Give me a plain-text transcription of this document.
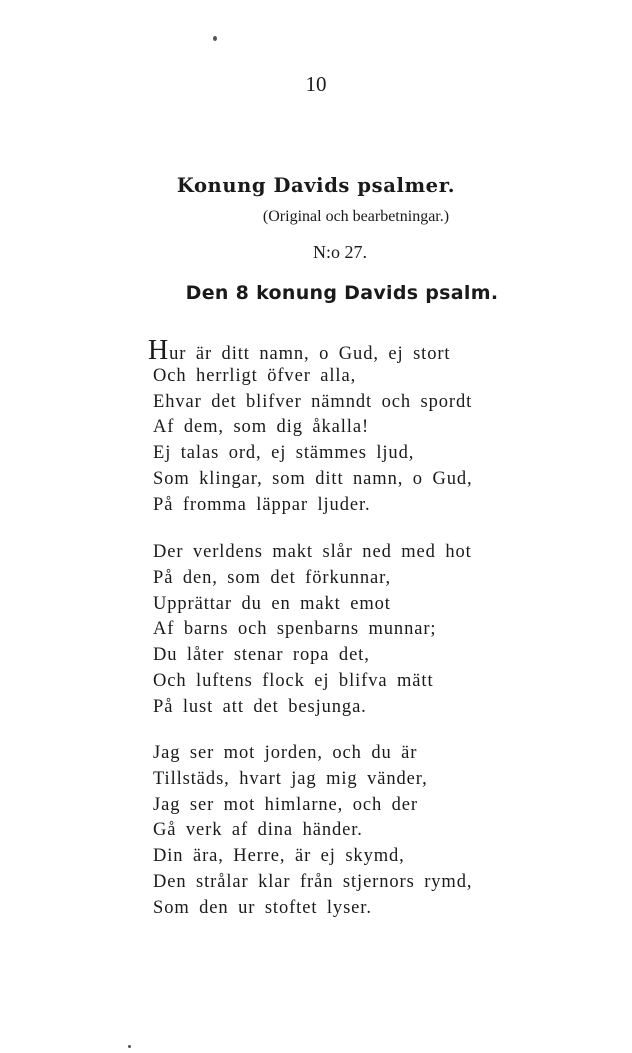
10
Konung Davids psalmer.
(Original och bearbetningar.)
N:o 27.
Den 8 konung Davids psalm.
Hur är ditt namn, o Gud, ej stort
Och herrligt öfver alla,
Ehvar det blifver nämndt och spordt
Af dem, som dig åkalla!
Ej talas ord, ej stämmes ljud,
Som klingar, som ditt namn, o Gud,
På fromma läppar ljuder.
Der verldens makt slår ned med hot
På den, som det förkunnar,
Upprättar du en makt emot
Af barns och spenbarns munnar;
Du låter stenar ropa det,
Och luftens flock ej blifva mätt
På lust att det besjunga.
Jag ser mot jorden, och du är
Tillstäds, hvart jag mig vänder,
Jag ser mot himlarne, och der
Gå verk af dina händer.
Din ära, Herre, är ej skymd,
Den strålar klar från stjernors rymd,
Som den ur stoftet lyser.
